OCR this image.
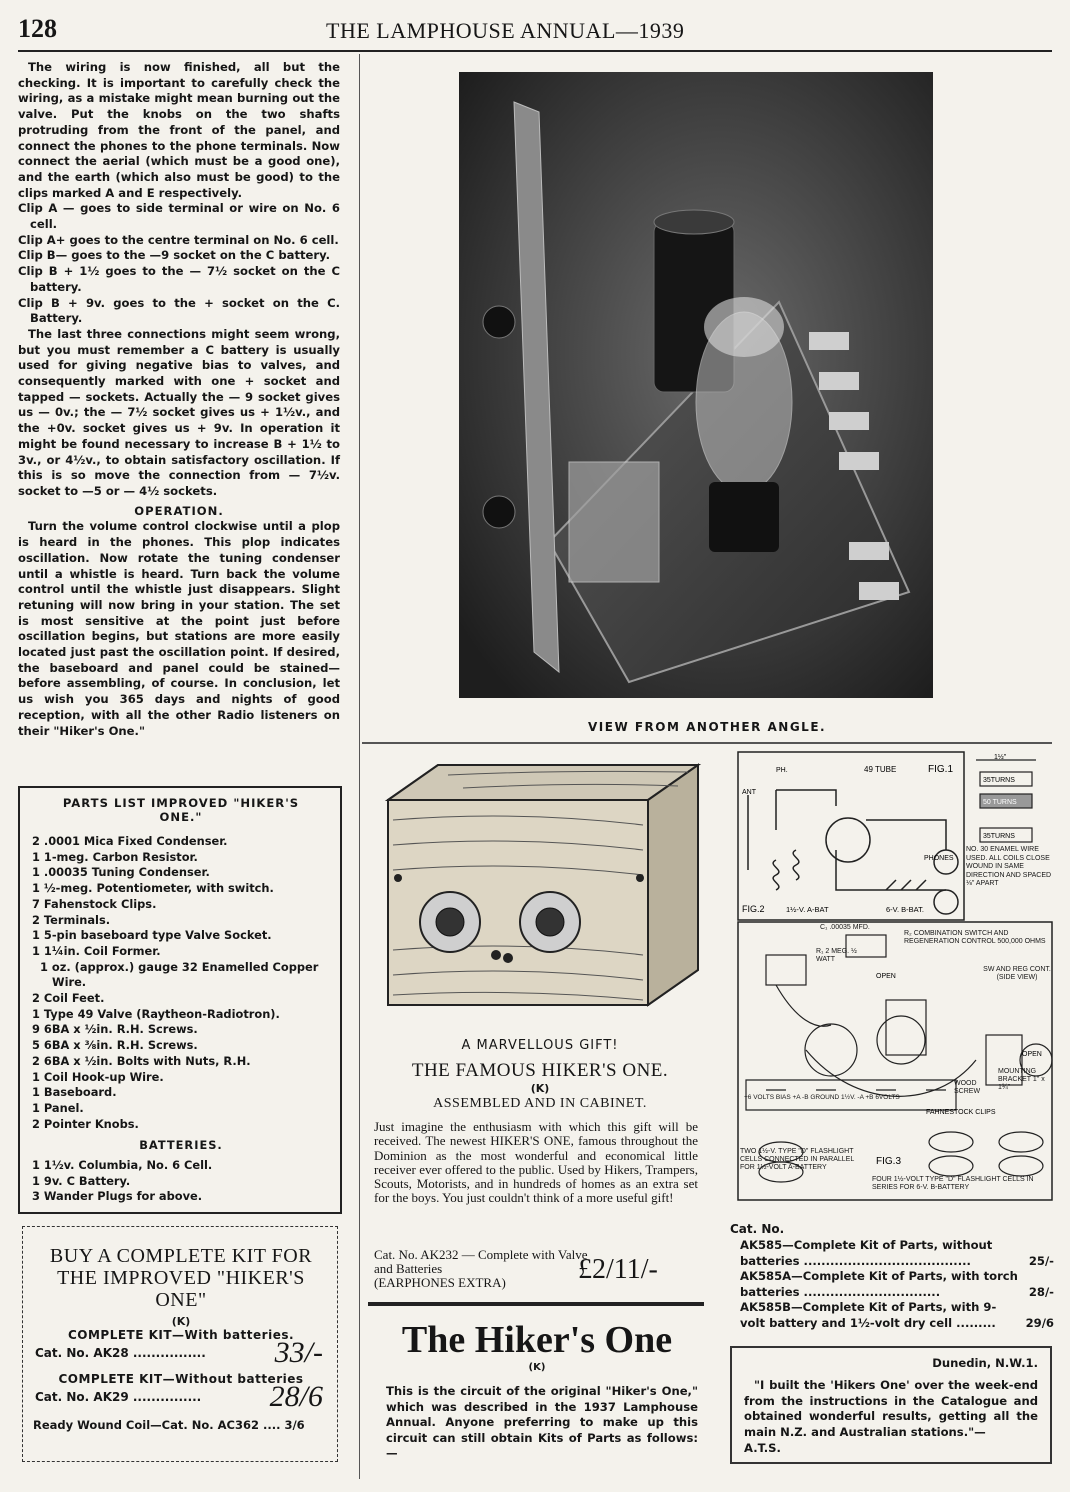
128	THE LAMPHOUSE ANNUAL—1939

The wiring is now finished, all but the checking. It is important to carefully check the wiring, as a mistake might mean burning out the valve. Put the knobs on the two shafts protruding from the front of the panel, and connect the phones to the phone terminals. Now connect the aerial (which must be a good one), and the earth (which also must be good) to the clips marked A and E respectively.

Clip A — goes to side terminal or wire on No. 6 cell.

Clip A+ goes to the centre terminal on No. 6 cell.

Clip B— goes to the —9 socket on the C battery.

Clip B + 1½ goes to the — 7½ socket on the C battery.

Clip B + 9v. goes to the + socket on the C. Battery.

The last three connections might seem wrong, but you must remember a C battery is usually used for giving negative bias to valves, and consequently marked with one + socket and tapped — sockets. Actually the — 9 socket gives us — 0v.; the — 7½ socket gives us + 1½v., and the +0v. socket gives us + 9v. In operation it might be found necessary to increase B + 1½ to 3v., or 4½v., to obtain satisfactory oscillation. If this is so move the connection from — 7½v. socket to —5 or — 4½ sockets.

OPERATION.

Turn the volume control clockwise until a plop is heard in the phones. This plop indicates oscillation. Now rotate the tuning condenser until a whistle is heard. Turn back the volume control until the whistle just disappears. Slight retuning will now bring in your station. The set is most sensitive at the point just before oscillation begins, but stations are more easily located just past the oscillation point. If desired, the baseboard and panel could be stained—before assembling, of course. In conclusion, let us wish you 365 days and nights of good reception, with all the other Radio listeners on their "Hiker's One."

PARTS LIST IMPROVED "HIKER'S ONE."

2 .0001 Mica Fixed Condenser.

1 1-meg. Carbon Resistor.

1 .00035 Tuning Condenser.

1 ½-meg. Potentiometer, with switch.

7 Fahenstock Clips.

2 Terminals.

1 5-pin baseboard type Valve Socket.

1 1¼in. Coil Former.

1 oz. (approx.) gauge 32 Enamelled Copper Wire.

2 Coil Feet.

1 Type 49 Valve (Raytheon-Radiotron).

9 6BA x ½in. R.H. Screws.

5 6BA x ⅜in. R.H. Screws.

2 6BA x ½in. Bolts with Nuts, R.H.

1 Coil Hook-up Wire.

1 Baseboard.

1 Panel.

2 Pointer Knobs.

BATTERIES.

1 1½v. Columbia, No. 6 Cell.

1 9v. C Battery.

3 Wander Plugs for above.

BUY A COMPLETE KIT FOR THE IMPROVED "HIKER'S ONE"
(K)
COMPLETE KIT—With batteries.
Cat. No. AK28 ................ 33/-
COMPLETE KIT—Without batteries
Cat. No. AK29 ............... 28/6
Ready Wound Coil—Cat. No. AC362 .... 3/6
VIEW FROM ANOTHER ANGLE.
A MARVELLOUS GIFT!
THE FAMOUS HIKER'S ONE.
(K)
ASSEMBLED AND IN CABINET.
Just imagine the enthusiasm with which this gift will be received. The newest HIKER'S ONE, famous throughout the Dominion as the most wonderful and economical little receiver ever offered to the public. Used by Hikers, Trampers, Scouts, Motorists, and in hundreds of homes as an extra set for the boys. You just couldn't think of a more useful gift!
Cat. No. AK232 — Complete with Valve
and Batteries
(EARPHONES EXTRA)	£2/11/-
The Hiker's One
(K)
This is the circuit of the original "Hiker's One," which was described in the 1937 Lamphouse Annual. Anyone preferring to make up this circuit can still obtain Kits of Parts as follows:—
ANT
PH.	49 TUBE	FIG.1
PHONES
FIG.2	1½-V. A-BAT	6-V. B-BAT.
1½"
35TURNS
50 TURNS
35TURNS
NO. 30 ENAMEL WIRE USED. ALL COILS CLOSE WOUND IN SAME DIRECTION AND SPACED ⅛" APART
C₁ .00035 MFD.
R₁ 2 MEG. ½ WATT
R₂ COMBINATION SWITCH AND REGENERATION CONTROL 500,000 OHMS
SW AND REG CONT. (SIDE VIEW)
OPEN
OPEN
MOUNTING BRACKET 1" x 1¾"
WOOD SCREW
FAHNESTOCK CLIPS
+6 VOLTS BIAS +A -B GROUND 1½V. -A +B 6VOLTS
FIG.3
TWO 1½-V. TYPE "D" FLASHLIGHT CELLS CONNECTED IN PARALLEL FOR 1½-VOLT A-BATTERY
FOUR 1½-VOLT TYPE "D" FLASHLIGHT CELLS IN SERIES FOR 6-V. B-BATTERY
Cat. No.
AK585—Complete Kit of Parts, without batteries ......................................	25/-
AK585A—Complete Kit of Parts, with torch batteries ...............................	28/-
AK585B—Complete Kit of Parts, with 9-volt battery and 1½-volt dry cell .........	29/6
Dunedin, N.W.1.
"I built the 'Hikers One' over the week-end from the instructions in the Catalogue and obtained wonderful results, getting all the main N.Z. and Australian stations."—
A.T.S.
